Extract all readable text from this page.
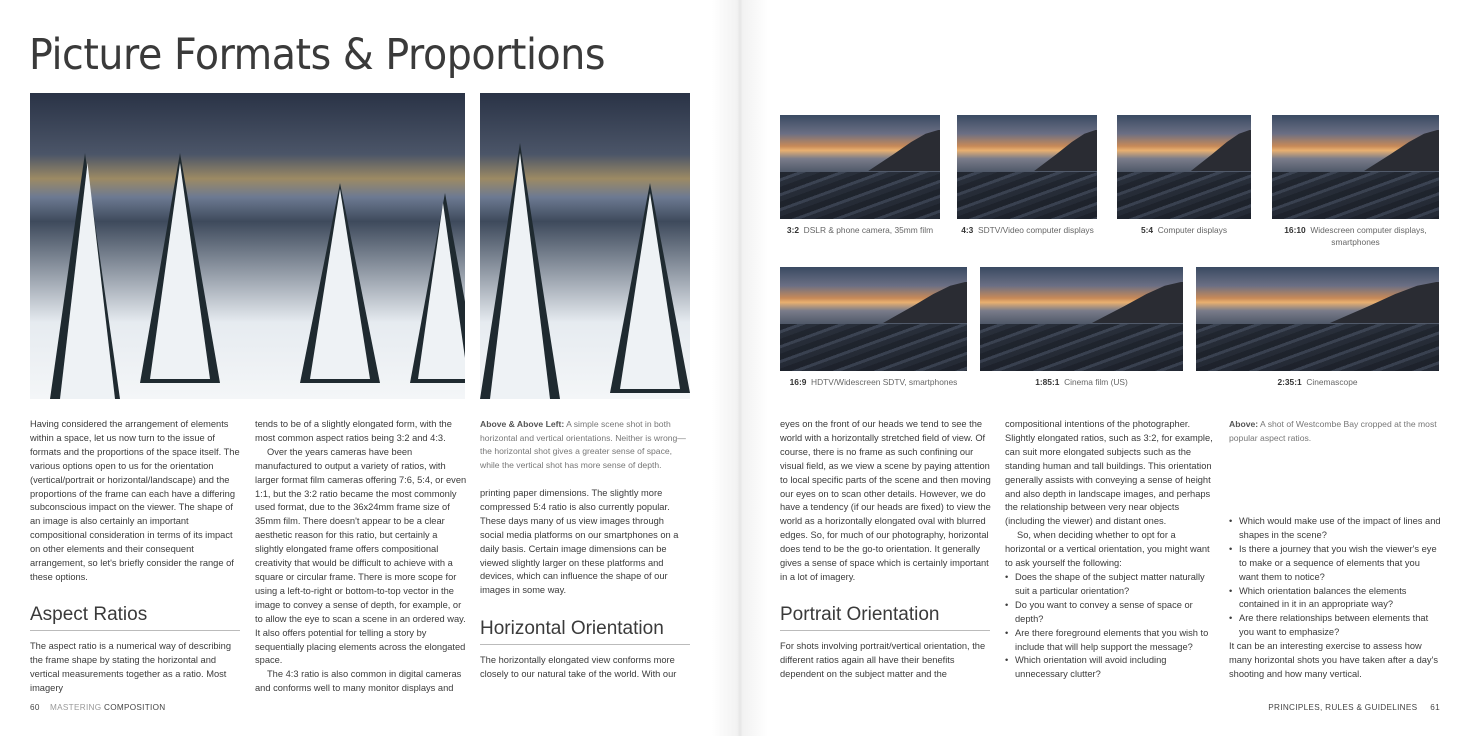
Picture Formats & Proportions

Having considered the arrangement of elements within a space, let us now turn to the issue of formats and the proportions of the space itself. The various options open to us for the orientation (vertical/portrait or horizontal/landscape) and the proportions of the frame can each have a differing subconscious impact on the viewer. The shape of an image is also certainly an important compositional consideration in terms of its impact on other elements and their consequent arrangement, so let's briefly consider the range of these options.

Aspect Ratios
The aspect ratio is a numerical way of describing the frame shape by stating the horizontal and vertical measurements together as a ratio. Most imagery

tends to be of a slightly elongated form, with the most common aspect ratios being 3:2 and 4:3.

Over the years cameras have been manufactured to output a variety of ratios, with larger format film cameras offering 7:6, 5:4, or even 1:1, but the 3:2 ratio became the most commonly used format, due to the 36x24mm frame size of 35mm film. There doesn't appear to be a clear aesthetic reason for this ratio, but certainly a slightly elongated frame offers compositional creativity that would be difficult to achieve with a square or circular frame. There is more scope for using a left-to-right or bottom-to-top vector in the image to convey a sense of depth, for example, or to allow the eye to scan a scene in an ordered way. It also offers potential for telling a story by sequentially placing elements across the elongated space.

The 4:3 ratio is also common in digital cameras and conforms well to many monitor displays and

Above & Above Left: A simple scene shot in both horizontal and vertical orientations. Neither is wrong—the horizontal shot gives a greater sense of space, while the vertical shot has more sense of depth.

printing paper dimensions. The slightly more compressed 5:4 ratio is also currently popular. These days many of us view images through social media platforms on our smartphones on a daily basis. Certain image dimensions can be viewed slightly larger on these platforms and devices, which can influence the shape of our images in some way.

Horizontal Orientation
The horizontally elongated view conforms more closely to our natural take of the world. With our
60 MASTERING COMPOSITION
3:2 DSLR & phone camera, 35mm film	4:3 SDTV/Video computer displays	5:4 Computer displays	16:10 Widescreen computer displays,
smartphones
16:9 HDTV/Widescreen SDTV, smartphones	1:85:1 Cinema film (US)	2:35:1 Cinemascope

eyes on the front of our heads we tend to see the world with a horizontally stretched field of view. Of course, there is no frame as such confining our visual field, as we view a scene by paying attention to local specific parts of the scene and then moving our eyes on to scan other details. However, we do have a tendency (if our heads are fixed) to view the world as a horizontally elongated oval with blurred edges. So, for much of our photography, horizontal does tend to be the go-to orientation. It generally gives a sense of space which is certainly important in a lot of imagery.

Portrait Orientation
For shots involving portrait/vertical orientation, the different ratios again all have their benefits dependent on the subject matter and the

compositional intentions of the photographer. Slightly elongated ratios, such as 3:2, for example, can suit more elongated subjects such as the standing human and tall buildings. This orientation generally assists with conveying a sense of height and also depth in landscape images, and perhaps the relationship between very near objects (including the viewer) and distant ones.

So, when deciding whether to opt for a horizontal or a vertical orientation, you might want to ask yourself the following:

• Does the shape of the subject matter naturally suit a particular orientation?
• Do you want to convey a sense of space or depth?
• Are there foreground elements that you wish to include that will help support the message?
• Which orientation will avoid including unnecessary clutter?
Above: A shot of Westcombe Bay cropped at the most popular aspect ratios.
• Which would make use of the impact of lines and shapes in the scene?
• Is there a journey that you wish the viewer's eye to make or a sequence of elements that you want them to notice?
• Which orientation balances the elements contained in it in an appropriate way?
• Are there relationships between elements that you want to emphasize?

It can be an interesting exercise to assess how many horizontal shots you have taken after a day's shooting and how many vertical.

PRINCIPLES, RULES & GUIDELINES 61
